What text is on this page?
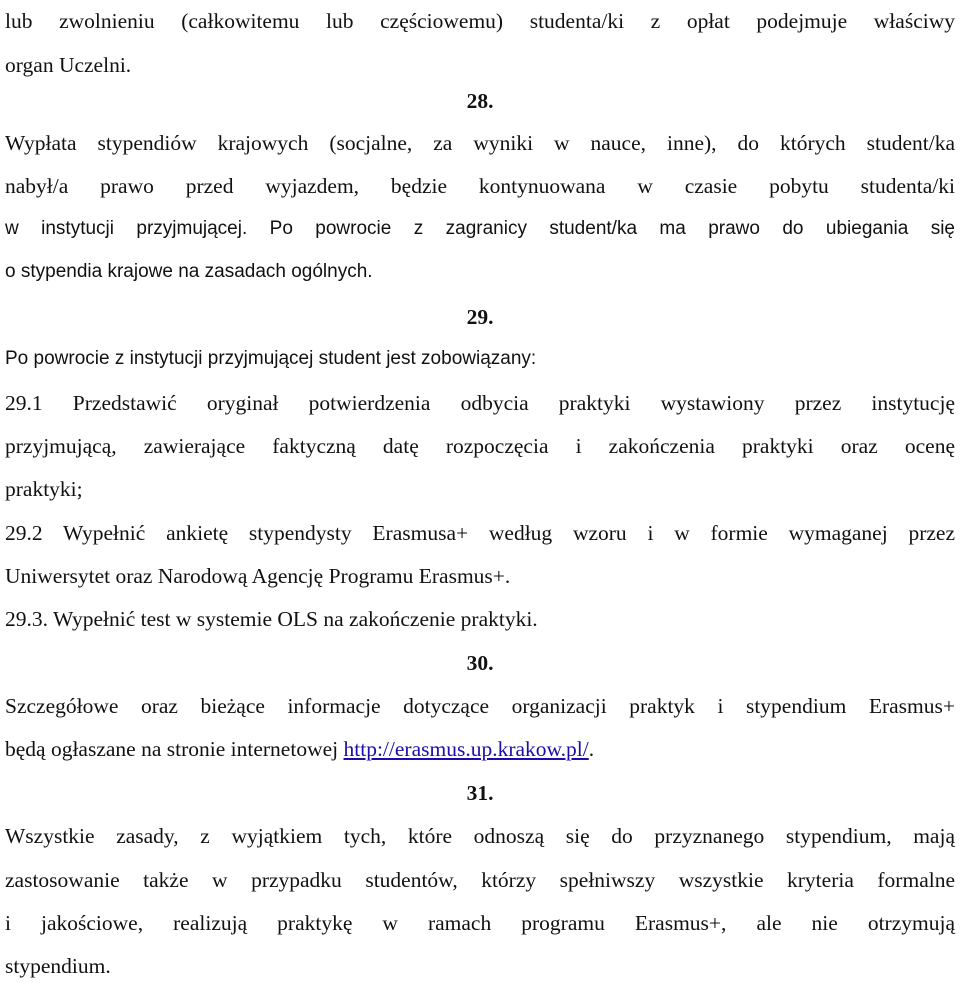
lub zwolnieniu (całkowitemu lub częściowemu) studenta/ki z opłat podejmuje właściwy
organ Uczelni.
28.
Wypłata stypendiów krajowych (socjalne, za wyniki w nauce, inne), do których student/ka
nabył/a prawo przed wyjazdem, będzie kontynuowana w czasie pobytu studenta/ki
w instytucji przyjmującej. Po powrocie z zagranicy student/ka ma prawo do ubiegania się
o stypendia krajowe na zasadach ogólnych.
29.
Po powrocie z instytucji przyjmującej student jest zobowiązany:
29.1 Przedstawić oryginał potwierdzenia odbycia praktyki wystawiony przez instytucję
przyjmującą, zawierające faktyczną datę rozpoczęcia i zakończenia praktyki oraz ocenę
praktyki;
29.2 Wypełnić ankietę stypendysty Erasmusa+ według wzoru i w formie wymaganej przez
Uniwersytet oraz Narodową Agencję Programu Erasmus+.
29.3. Wypełnić test w systemie OLS na zakończenie praktyki.
30.
Szczegółowe oraz bieżące informacje dotyczące organizacji praktyk i stypendium Erasmus+
będą ogłaszane na stronie internetowej http://erasmus.up.krakow.pl/.
31.
Wszystkie zasady, z wyjątkiem tych, które odnoszą się do przyznanego stypendium, mają
zastosowanie także w przypadku studentów, którzy spełniwszy wszystkie kryteria formalne
i jakościowe, realizują praktykę w ramach programu Erasmus+, ale nie otrzymują
stypendium.
